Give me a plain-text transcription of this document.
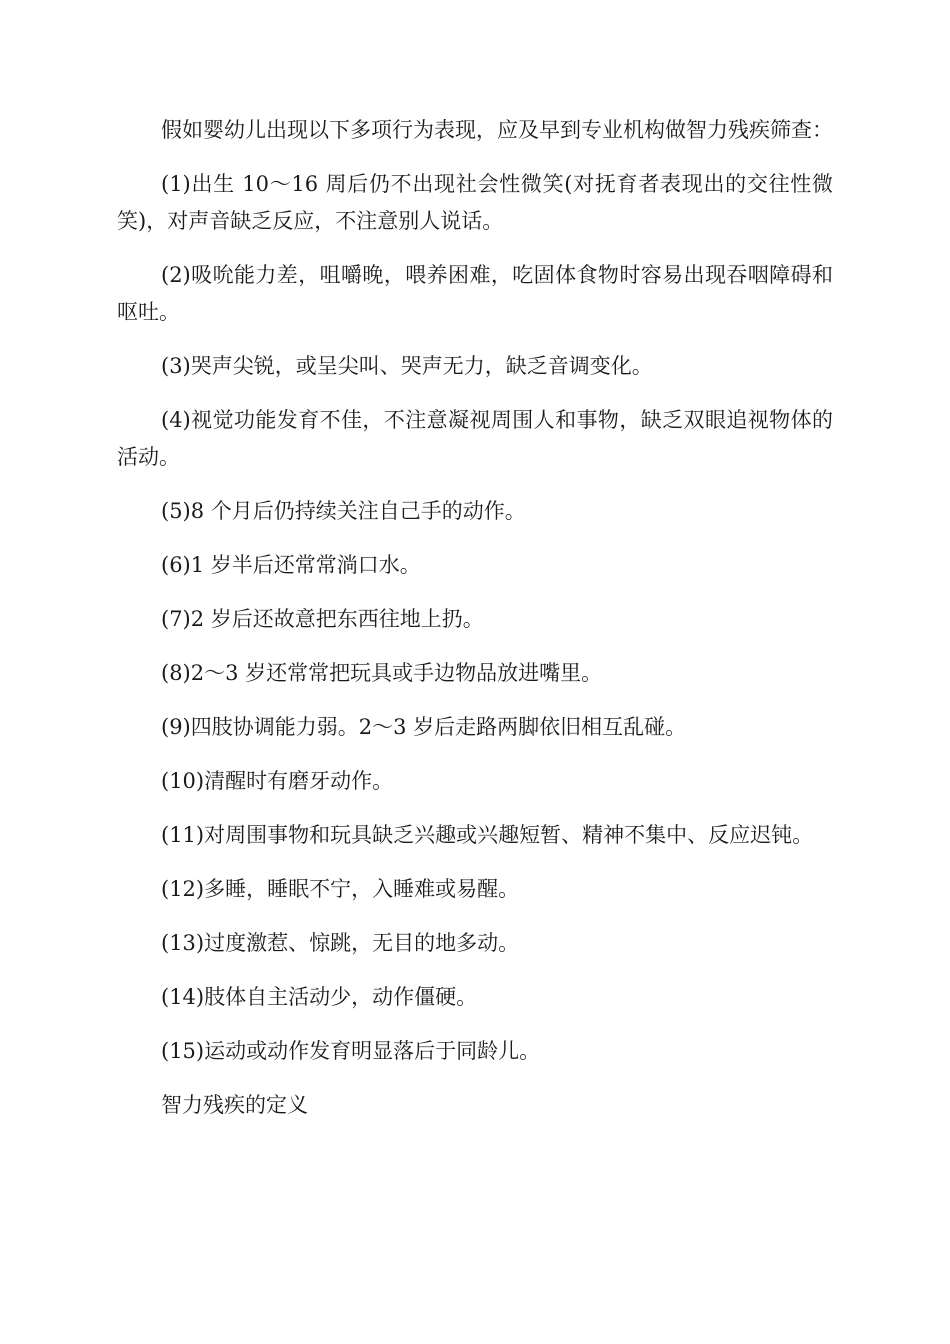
假如婴幼儿出现以下多项行为表现，应及早到专业机构做智力残疾筛查：

(1)出生 10～16 周后仍不出现社会性微笑(对抚育者表现出的交往性微笑)，对声音缺乏反应，不注意别人说话。

(2)吸吮能力差，咀嚼晚，喂养困难，吃固体食物时容易出现吞咽障碍和呕吐。

(3)哭声尖锐，或呈尖叫、哭声无力，缺乏音调变化。

(4)视觉功能发育不佳，不注意凝视周围人和事物，缺乏双眼追视物体的活动。

(5)8 个月后仍持续关注自己手的动作。

(6)1 岁半后还常常淌口水。

(7)2 岁后还故意把东西往地上扔。

(8)2～3 岁还常常把玩具或手边物品放进嘴里。

(9)四肢协调能力弱。2～3 岁后走路两脚依旧相互乱碰。

(10)清醒时有磨牙动作。

(11)对周围事物和玩具缺乏兴趣或兴趣短暂、精神不集中、反应迟钝。

(12)多睡，睡眠不宁，入睡难或易醒。

(13)过度激惹、惊跳，无目的地多动。

(14)肢体自主活动少，动作僵硬。

(15)运动或动作发育明显落后于同龄儿。

智力残疾的定义
